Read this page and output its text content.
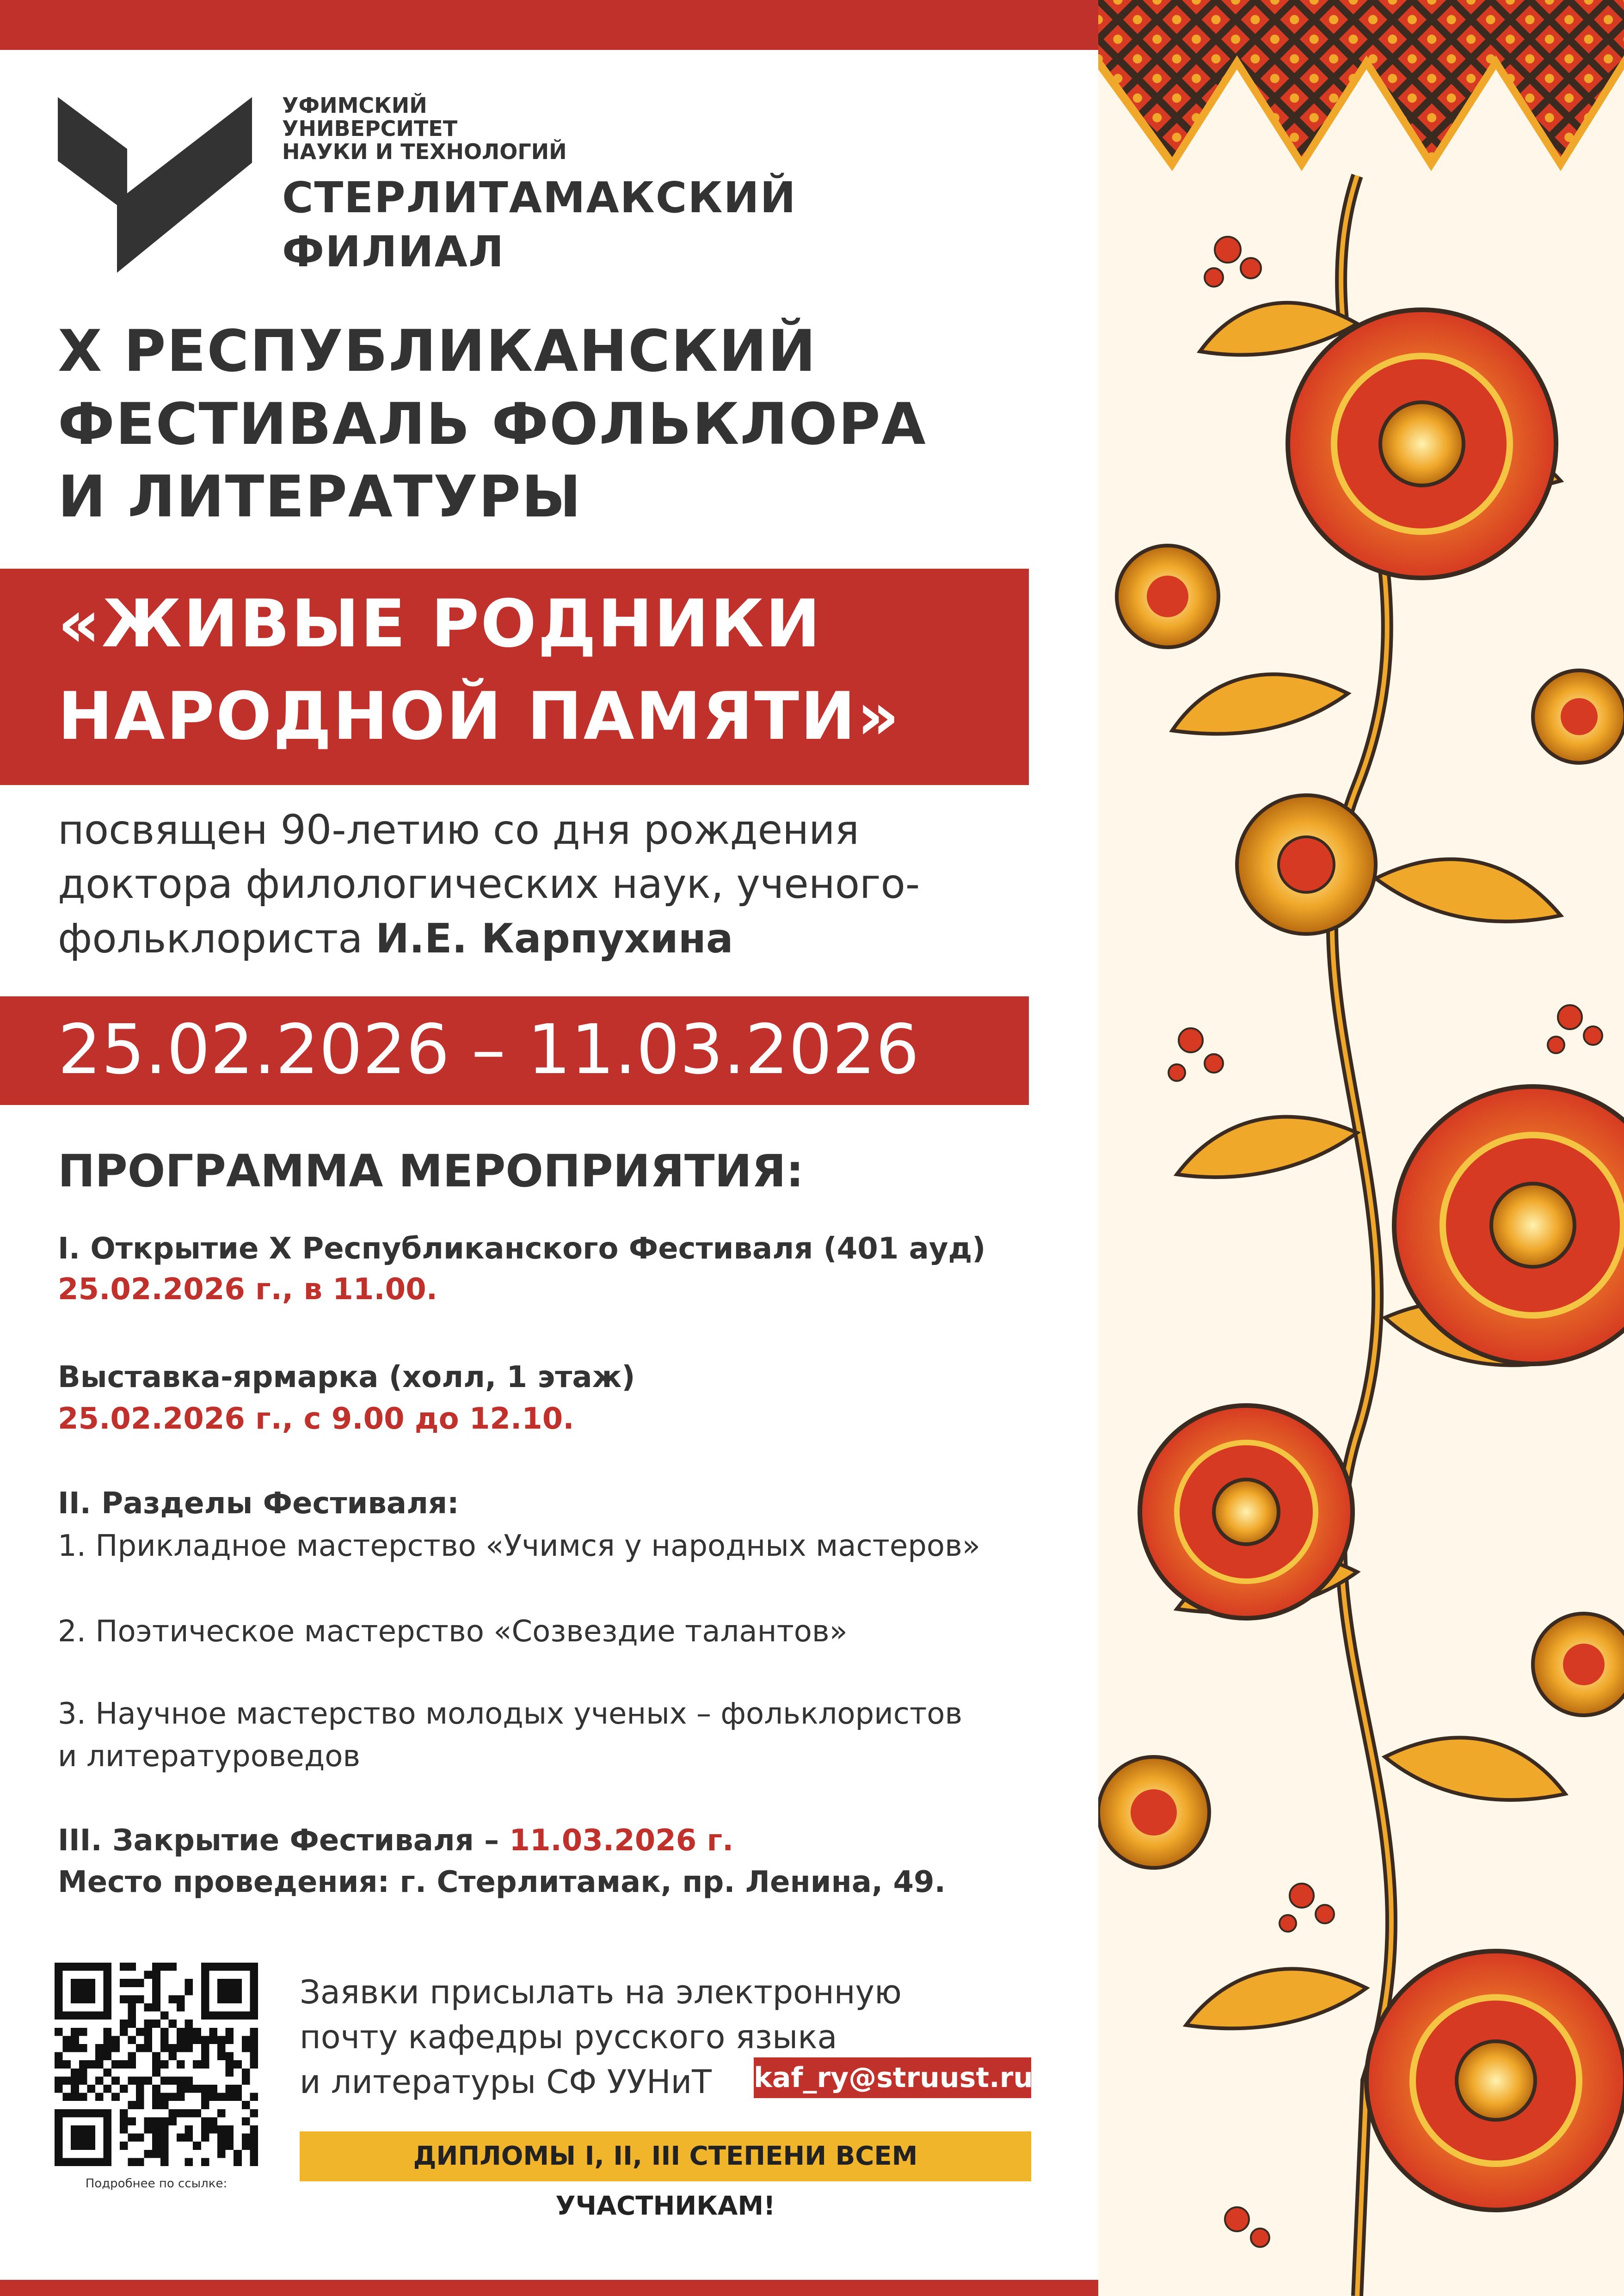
УФИМСКИЙ
УНИВЕРСИТЕТ
НАУКИ И ТЕХНОЛОГИЙ
СТЕРЛИТАМАКСКИЙ
ФИЛИАЛ
X РЕСПУБЛИКАНСКИЙ
ФЕСТИВАЛЬ ФОЛЬКЛОРА
И ЛИТЕРАТУРЫ
«ЖИВЫЕ РОДНИКИ
НАРОДНОЙ ПАМЯТИ»
посвящен 90-летию со дня рождения
доктора филологических наук, ученого-
фольклориста И.Е. Карпухина
25.02.2026 – 11.03.2026
ПРОГРАММА МЕРОПРИЯТИЯ:
I. Открытие X Республиканского Фестиваля (401 ауд)
25.02.2026 г., в 11.00.
Выставка-ярмарка (холл, 1 этаж)
25.02.2026 г., с 9.00 до 12.10.
II. Разделы Фестиваля:
1. Прикладное мастерство «Учимся у народных мастеров»
2. Поэтическое мастерство «Созвездие талантов»
3. Научное мастерство молодых ученых – фольклористов
и литературоведов
III. Закрытие Фестиваля – 11.03.2026 г.
Место проведения: г. Стерлитамак, пр. Ленина, 49.
Подробнее по ссылке:
Заявки присылать на электронную
почту кафедры русского языка
и литературы СФ УУНиТ kaf_ry@struust.ru
ДИПЛОМЫ I, II, III СТЕПЕНИ ВСЕМ УЧАСТНИКАМ!
